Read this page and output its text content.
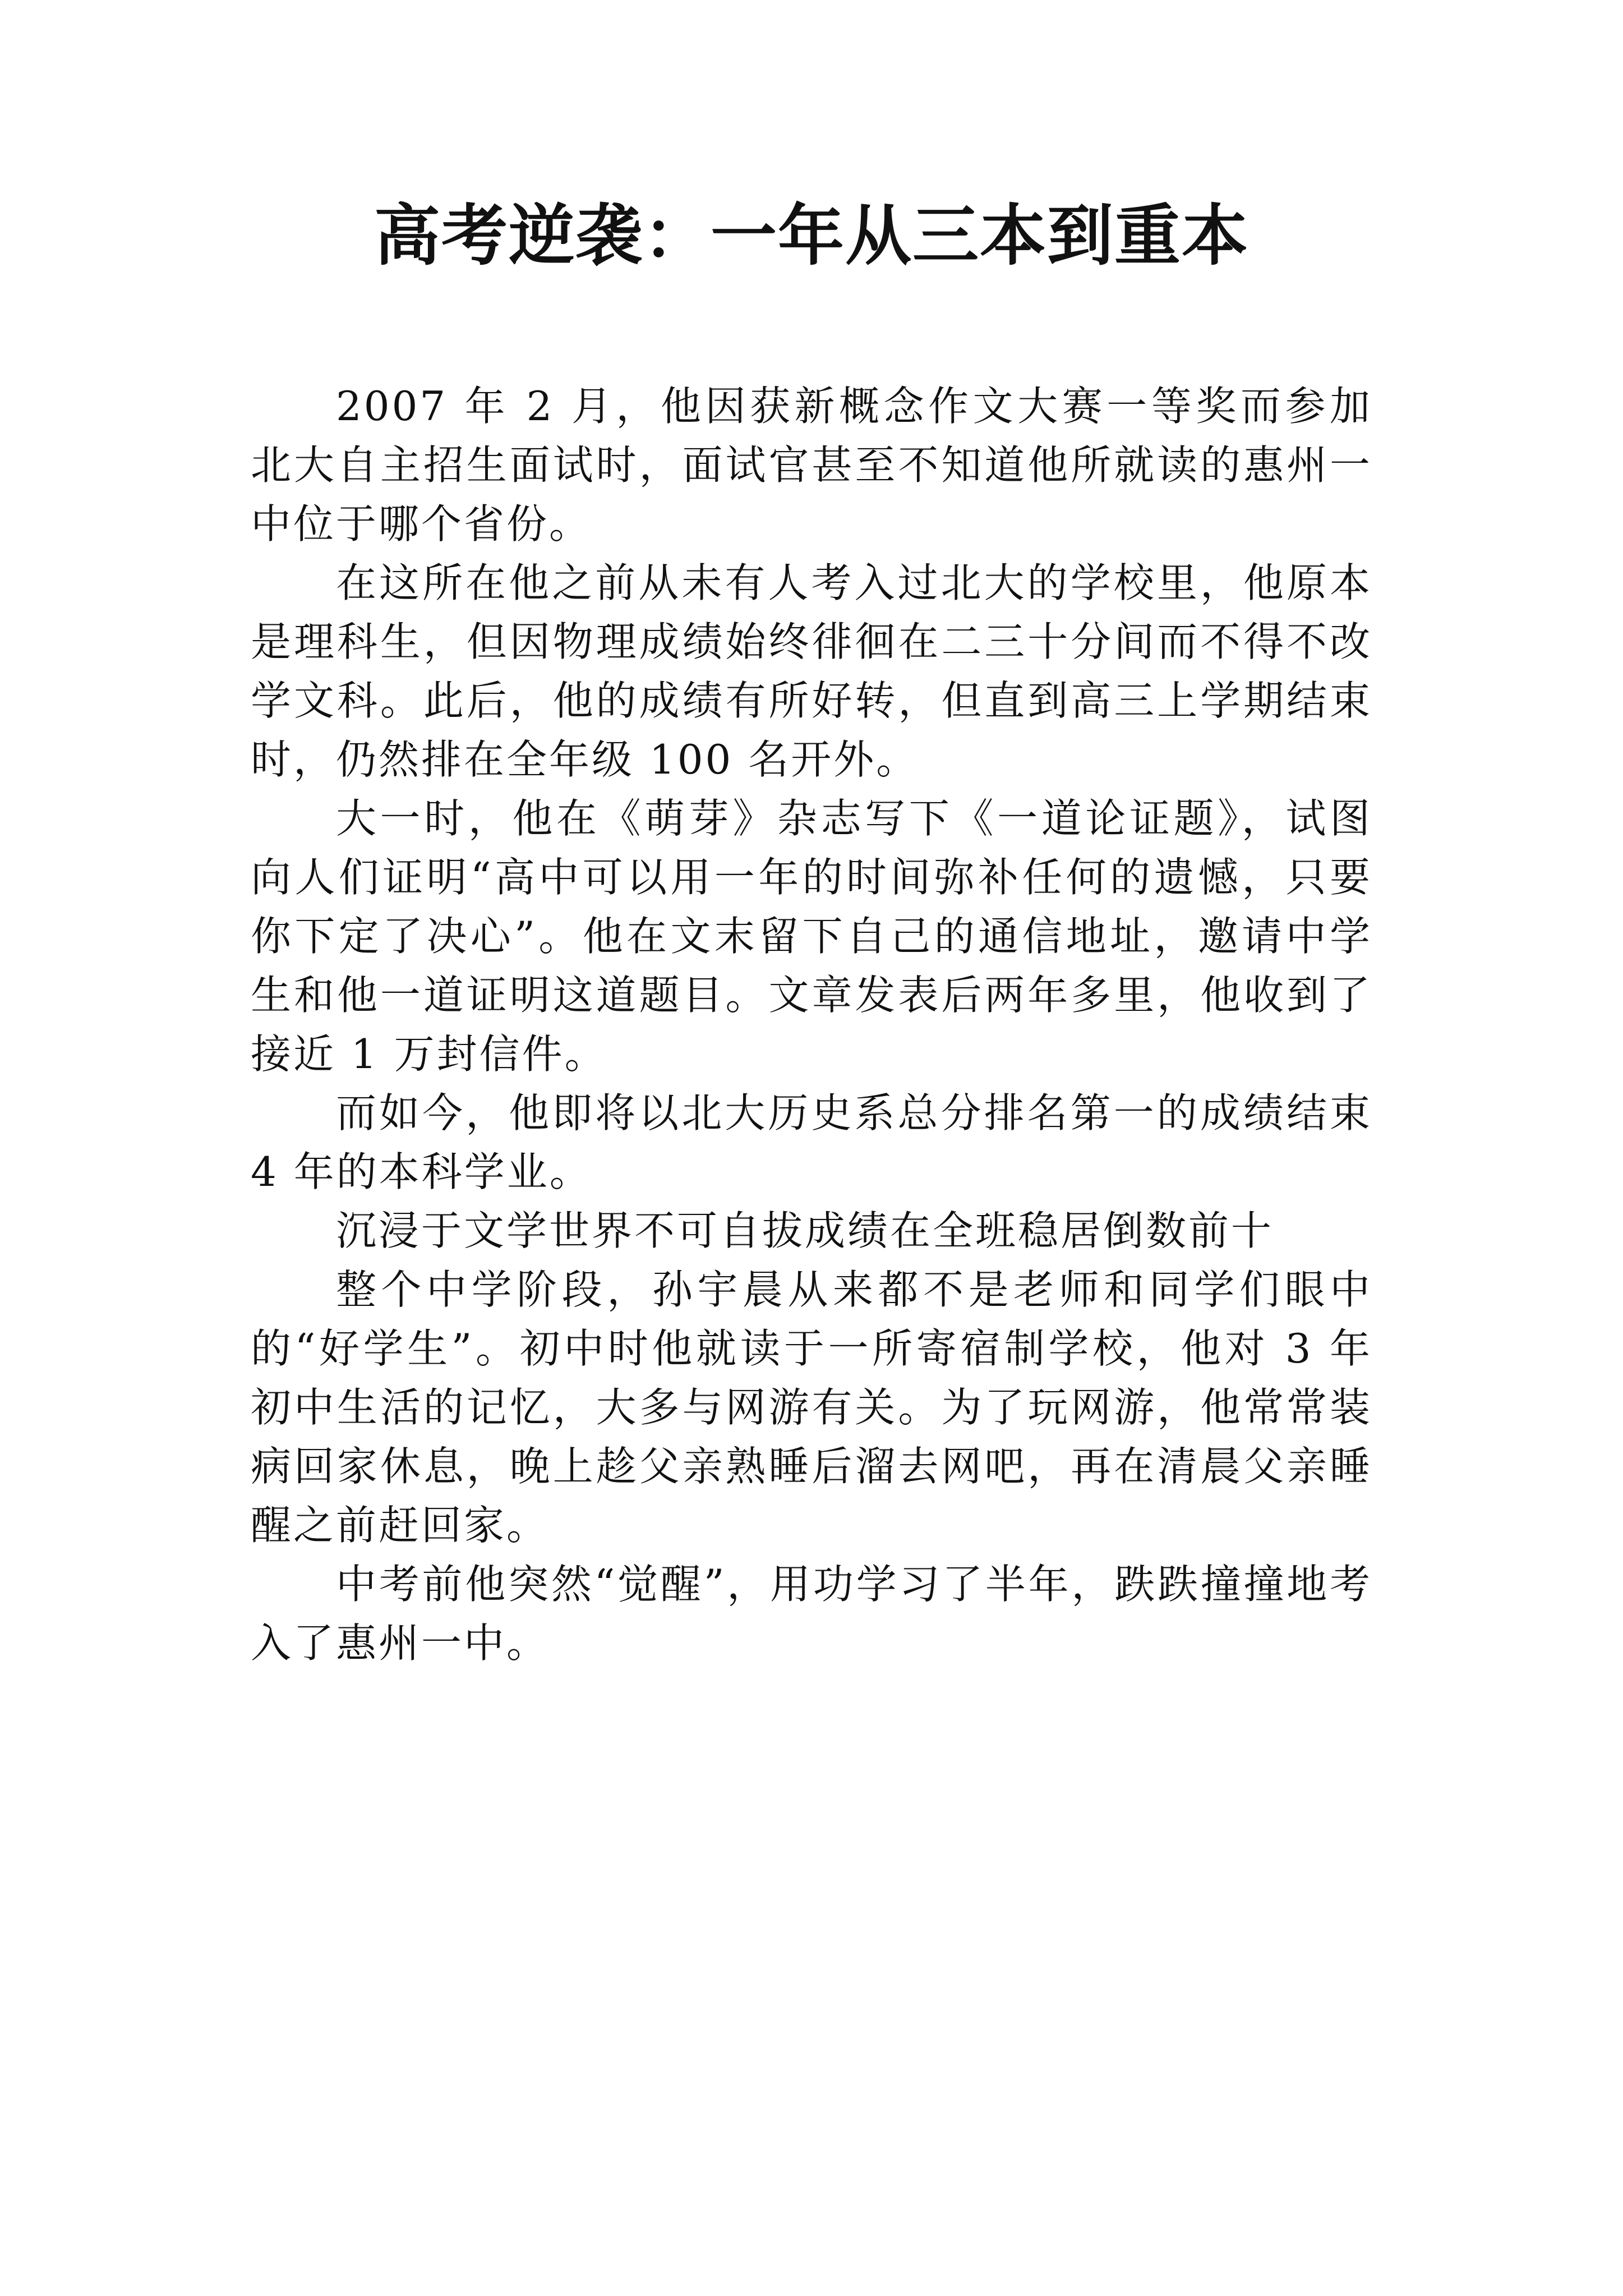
高考逆袭：一年从三本到重本

2007 年 2 月，他因获新概念作文大赛一等奖而参加北大自主招生面试时，面试官甚至不知道他所就读的惠州一中位于哪个省份。

在这所在他之前从未有人考入过北大的学校里，他原本是理科生，但因物理成绩始终徘徊在二三十分间而不得不改学文科。此后，他的成绩有所好转，但直到高三上学期结束时，仍然排在全年级 100 名开外。

大一时，他在《萌芽》杂志写下《一道论证题》，试图向人们证明“高中可以用一年的时间弥补任何的遗憾，只要你下定了决心”。他在文末留下自己的通信地址，邀请中学生和他一道证明这道题目。文章发表后两年多里，他收到了接近 1 万封信件。

而如今，他即将以北大历史系总分排名第一的成绩结束 4 年的本科学业。

沉浸于文学世界不可自拔成绩在全班稳居倒数前十

整个中学阶段，孙宇晨从来都不是老师和同学们眼中的“好学生”。初中时他就读于一所寄宿制学校，他对 3 年初中生活的记忆，大多与网游有关。为了玩网游，他常常装病回家休息，晚上趁父亲熟睡后溜去网吧，再在清晨父亲睡醒之前赶回家。

中考前他突然“觉醒”，用功学习了半年，跌跌撞撞地考入了惠州一中。
